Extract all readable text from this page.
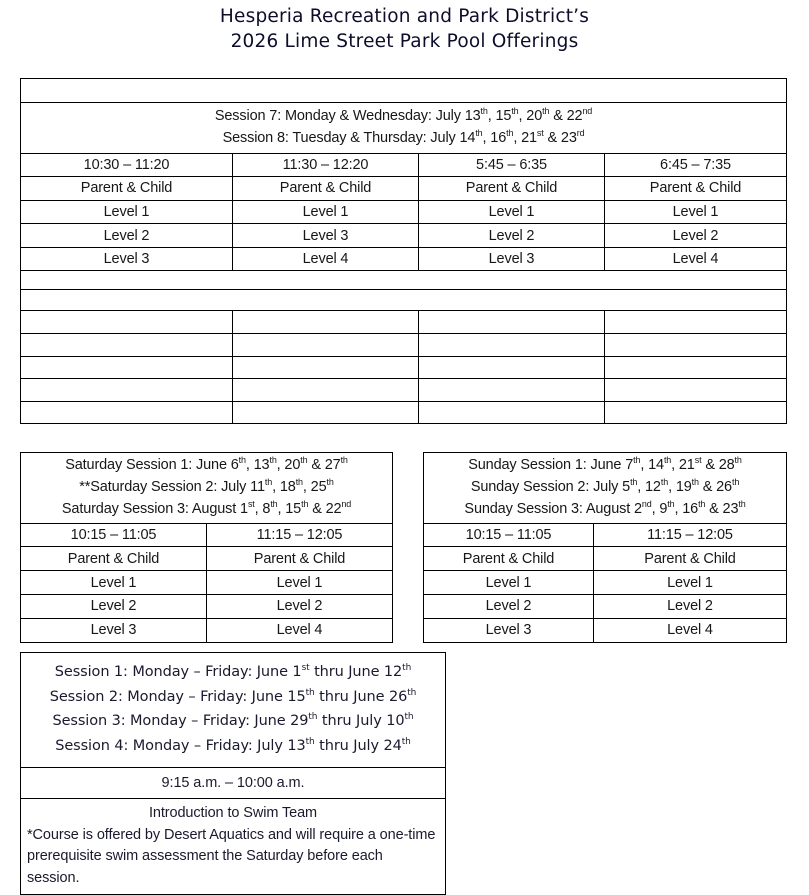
Hesperia Recreation and Park District’s
2026 Lime Street Park Pool Offerings

Session 7: Monday & Wednesday: July 13th, 15th, 20th & 22nd
Session 8: Tuesday & Thursday: July 14th, 16th, 21st & 23rd

10:30 – 11:20	11:30 – 12:20	5:45 – 6:35	6:45 – 7:35
Parent & Child	Parent & Child	Parent & Child	Parent & Child
Level 1	Level 1	Level 1	Level 1
Level 2	Level 3	Level 2	Level 2
Level 3	Level 4	Level 3	Level 4

Saturday Session 1: June 6th, 13th, 20th & 27th
**Saturday Session 2: July 11th, 18th, 25th
Saturday Session 3: August 1st, 8th, 15th & 22nd

10:15 – 11:05	11:15 – 12:05
Parent & Child	Parent & Child
Level 1	Level 1
Level 2	Level 2
Level 3	Level 4
Sunday Session 1: June 7th, 14th, 21st & 28th
Sunday Session 2: July 5th, 12th, 19th & 26th
Sunday Session 3: August 2nd, 9th, 16th & 23th

10:15 – 11:05	11:15 – 12:05
Parent & Child	Parent & Child
Level 1	Level 1
Level 2	Level 2
Level 3	Level 4
Session 1: Monday – Friday: June 1st thru June 12th
Session 2: Monday – Friday: June 15th thru June 26th
Session 3: Monday – Friday: June 29th thru July 10th
Session 4: Monday – Friday: July 13th thru July 24th

9:15 a.m. – 10:00 a.m.

Introduction to Swim Team
*Course is offered by Desert Aquatics and will require a one-time prerequisite swim assessment the Saturday before each session.
